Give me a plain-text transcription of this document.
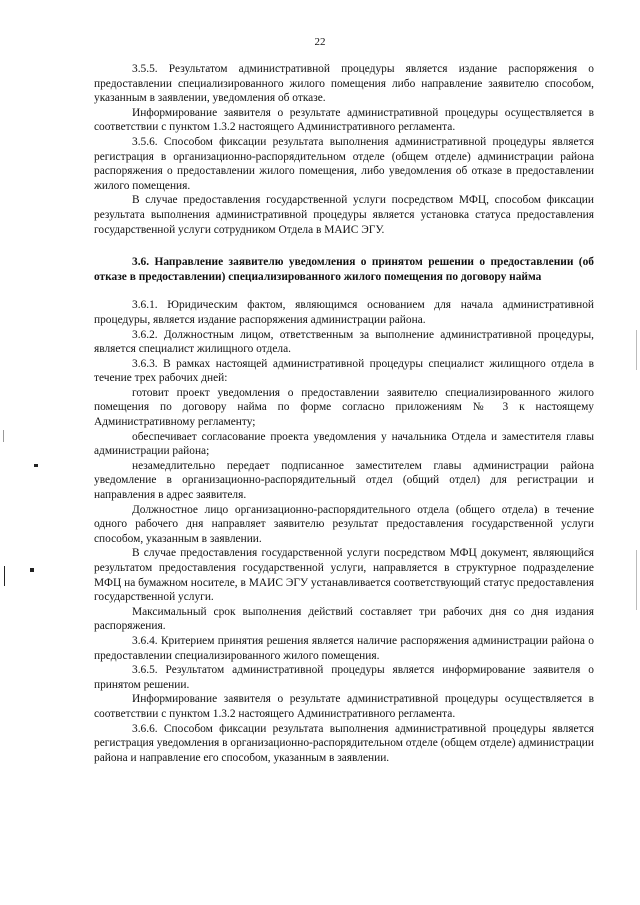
22

3.5.5. Результатом административной процедуры является издание распоряжения о предоставлении специализированного жилого помещения либо направление заявителю способом, указанным в заявлении, уведомления об отказе.

Информирование заявителя о результате административной процедуры осуществляется в соответствии с пунктом 1.3.2 настоящего Административного регламента.

3.5.6. Способом фиксации результата выполнения административной процедуры является регистрация в организационно-распорядительном отделе (общем отделе) администрации района распоряжения о предоставлении жилого помещения, либо уведомления об отказе в предоставлении жилого помещения.

В случае предоставления государственной услуги посредством МФЦ, способом фиксации результата выполнения административной процедуры является установка статуса предоставления государственной услуги сотрудником Отдела в МАИС ЭГУ.

3.6. Направление заявителю уведомления о принятом решении о предоставлении (об отказе в предоставлении) специализированного жилого помещения по договору найма

3.6.1. Юридическим фактом, являющимся основанием для начала административной процедуры, является издание распоряжения администрации района.

3.6.2. Должностным лицом, ответственным за выполнение административной процедуры, является специалист жилищного отдела.

3.6.3. В рамках настоящей административной процедуры специалист жилищного отдела в течение трех рабочих дней:

готовит проект уведомления о предоставлении заявителю специализированного жилого помещения по договору найма по форме согласно приложениям № 3 к настоящему Административному регламенту;

обеспечивает согласование проекта уведомления у начальника Отдела и заместителя главы администрации района;

незамедлительно передает подписанное заместителем главы администрации района уведомление в организационно-распорядительный отдел (общий отдел) для регистрации и направления в адрес заявителя.

Должностное лицо организационно-распорядительного отдела (общего отдела) в течение одного рабочего дня направляет заявителю результат предоставления государственной услуги способом, указанным в заявлении.

В случае предоставления государственной услуги посредством МФЦ документ, являющийся результатом предоставления государственной услуги, направляется в структурное подразделение МФЦ на бумажном носителе, в МАИС ЭГУ устанавливается соответствующий статус предоставления государственной услуги.

Максимальный срок выполнения действий составляет три рабочих дня со дня издания распоряжения.

3.6.4. Критерием принятия решения является наличие распоряжения администрации района о предоставлении специализированного жилого помещения.

3.6.5. Результатом административной процедуры является информирование заявителя о принятом решении.

Информирование заявителя о результате административной процедуры осуществляется в соответствии с пунктом 1.3.2 настоящего Административного регламента.

3.6.6. Способом фиксации результата выполнения административной процедуры является регистрация уведомления в организационно-распорядительном отделе (общем отделе) администрации района и направление его способом, указанным в заявлении.
